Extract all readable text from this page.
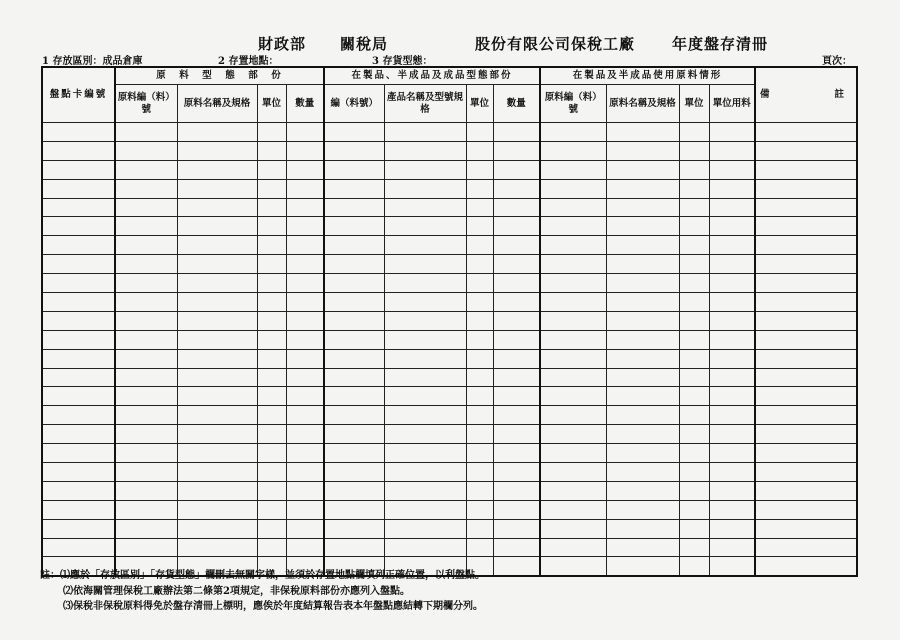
財政部 關稅局	股份有限公司保稅工廠 年度盤存清冊
1 存放區別：成品倉庫	2 存置地點：	3 存貨型態：	頁次：
盤點卡編號	原　料　型　態　部　份				在製品、半成品及成品型態部份				在製品及半成品使用原料情形				備 註

	原料編（料）號	原料名稱及規格	單位	數量	編（料號）	產品名稱及型號規格	單位	數量	原料編（料）號	原料名稱及規格	單位	單位用料	

註：⑴應於「存放區別」「存貨型態」欄刪去無關字樣，並須於存置地點欄填列正確位置，以利盤點。
⑵依海關管理保稅工廠辦法第二條第2項規定，非保稅原料部份亦應列入盤點。
⑶保稅非保稅原料得免於盤存清冊上標明，應俟於年度結算報告表本年盤點應結轉下期欄分列。
